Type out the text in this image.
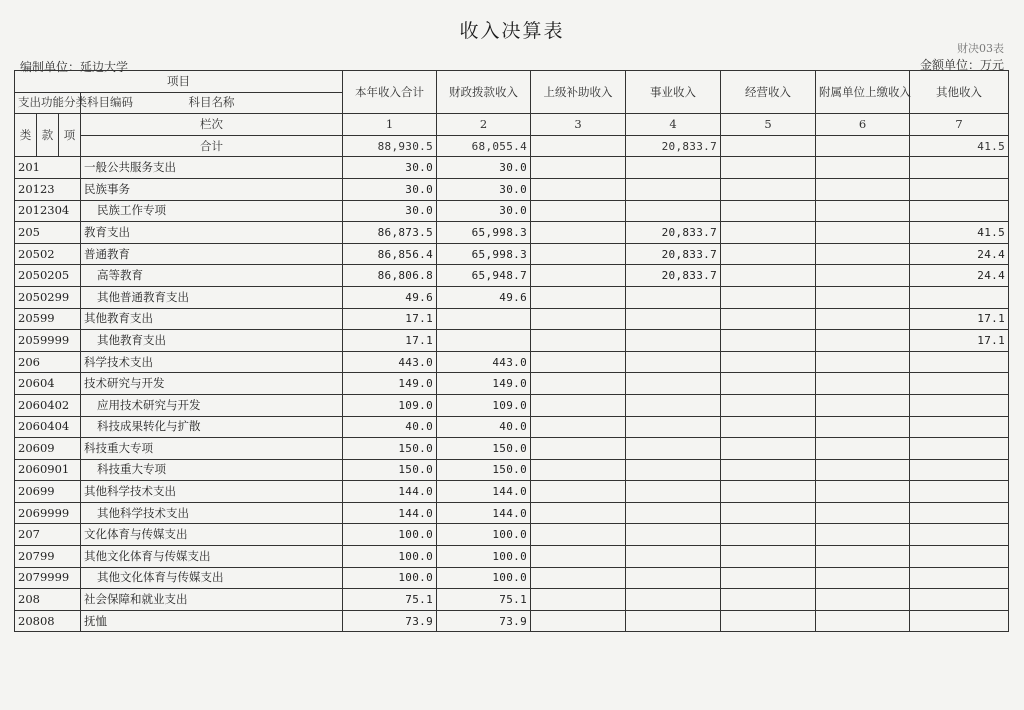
收入决算表
财决03表
编制单位：延边大学	金额单位：万元
项目				本年收入合计	财政拨款收入	上级补助收入	事业收入	经营收入	附属单位上缴收入	其他收入
支出功能分类科目编码			科目名称							
类	款	项	栏次	1	2	3	4	5	6	7
			合计	88,930.5	68,055.4		20,833.7			41.5
201			一般公共服务支出	30.0	30.0					
20123			民族事务	30.0	30.0					
2012304			民族工作专项	30.0	30.0					
205			教育支出	86,873.5	65,998.3		20,833.7			41.5
20502			普通教育	86,856.4	65,998.3		20,833.7			24.4
2050205			高等教育	86,806.8	65,948.7		20,833.7			24.4
2050299			其他普通教育支出	49.6	49.6					
20599			其他教育支出	17.1						17.1
2059999			其他教育支出	17.1						17.1
206			科学技术支出	443.0	443.0					
20604			技术研究与开发	149.0	149.0					
2060402			应用技术研究与开发	109.0	109.0					
2060404			科技成果转化与扩散	40.0	40.0					
20609			科技重大专项	150.0	150.0					
2060901			科技重大专项	150.0	150.0					
20699			其他科学技术支出	144.0	144.0					
2069999			其他科学技术支出	144.0	144.0					
207			文化体育与传媒支出	100.0	100.0					
20799			其他文化体育与传媒支出	100.0	100.0					
2079999			其他文化体育与传媒支出	100.0	100.0					
208			社会保障和就业支出	75.1	75.1					
20808			抚恤	73.9	73.9					
